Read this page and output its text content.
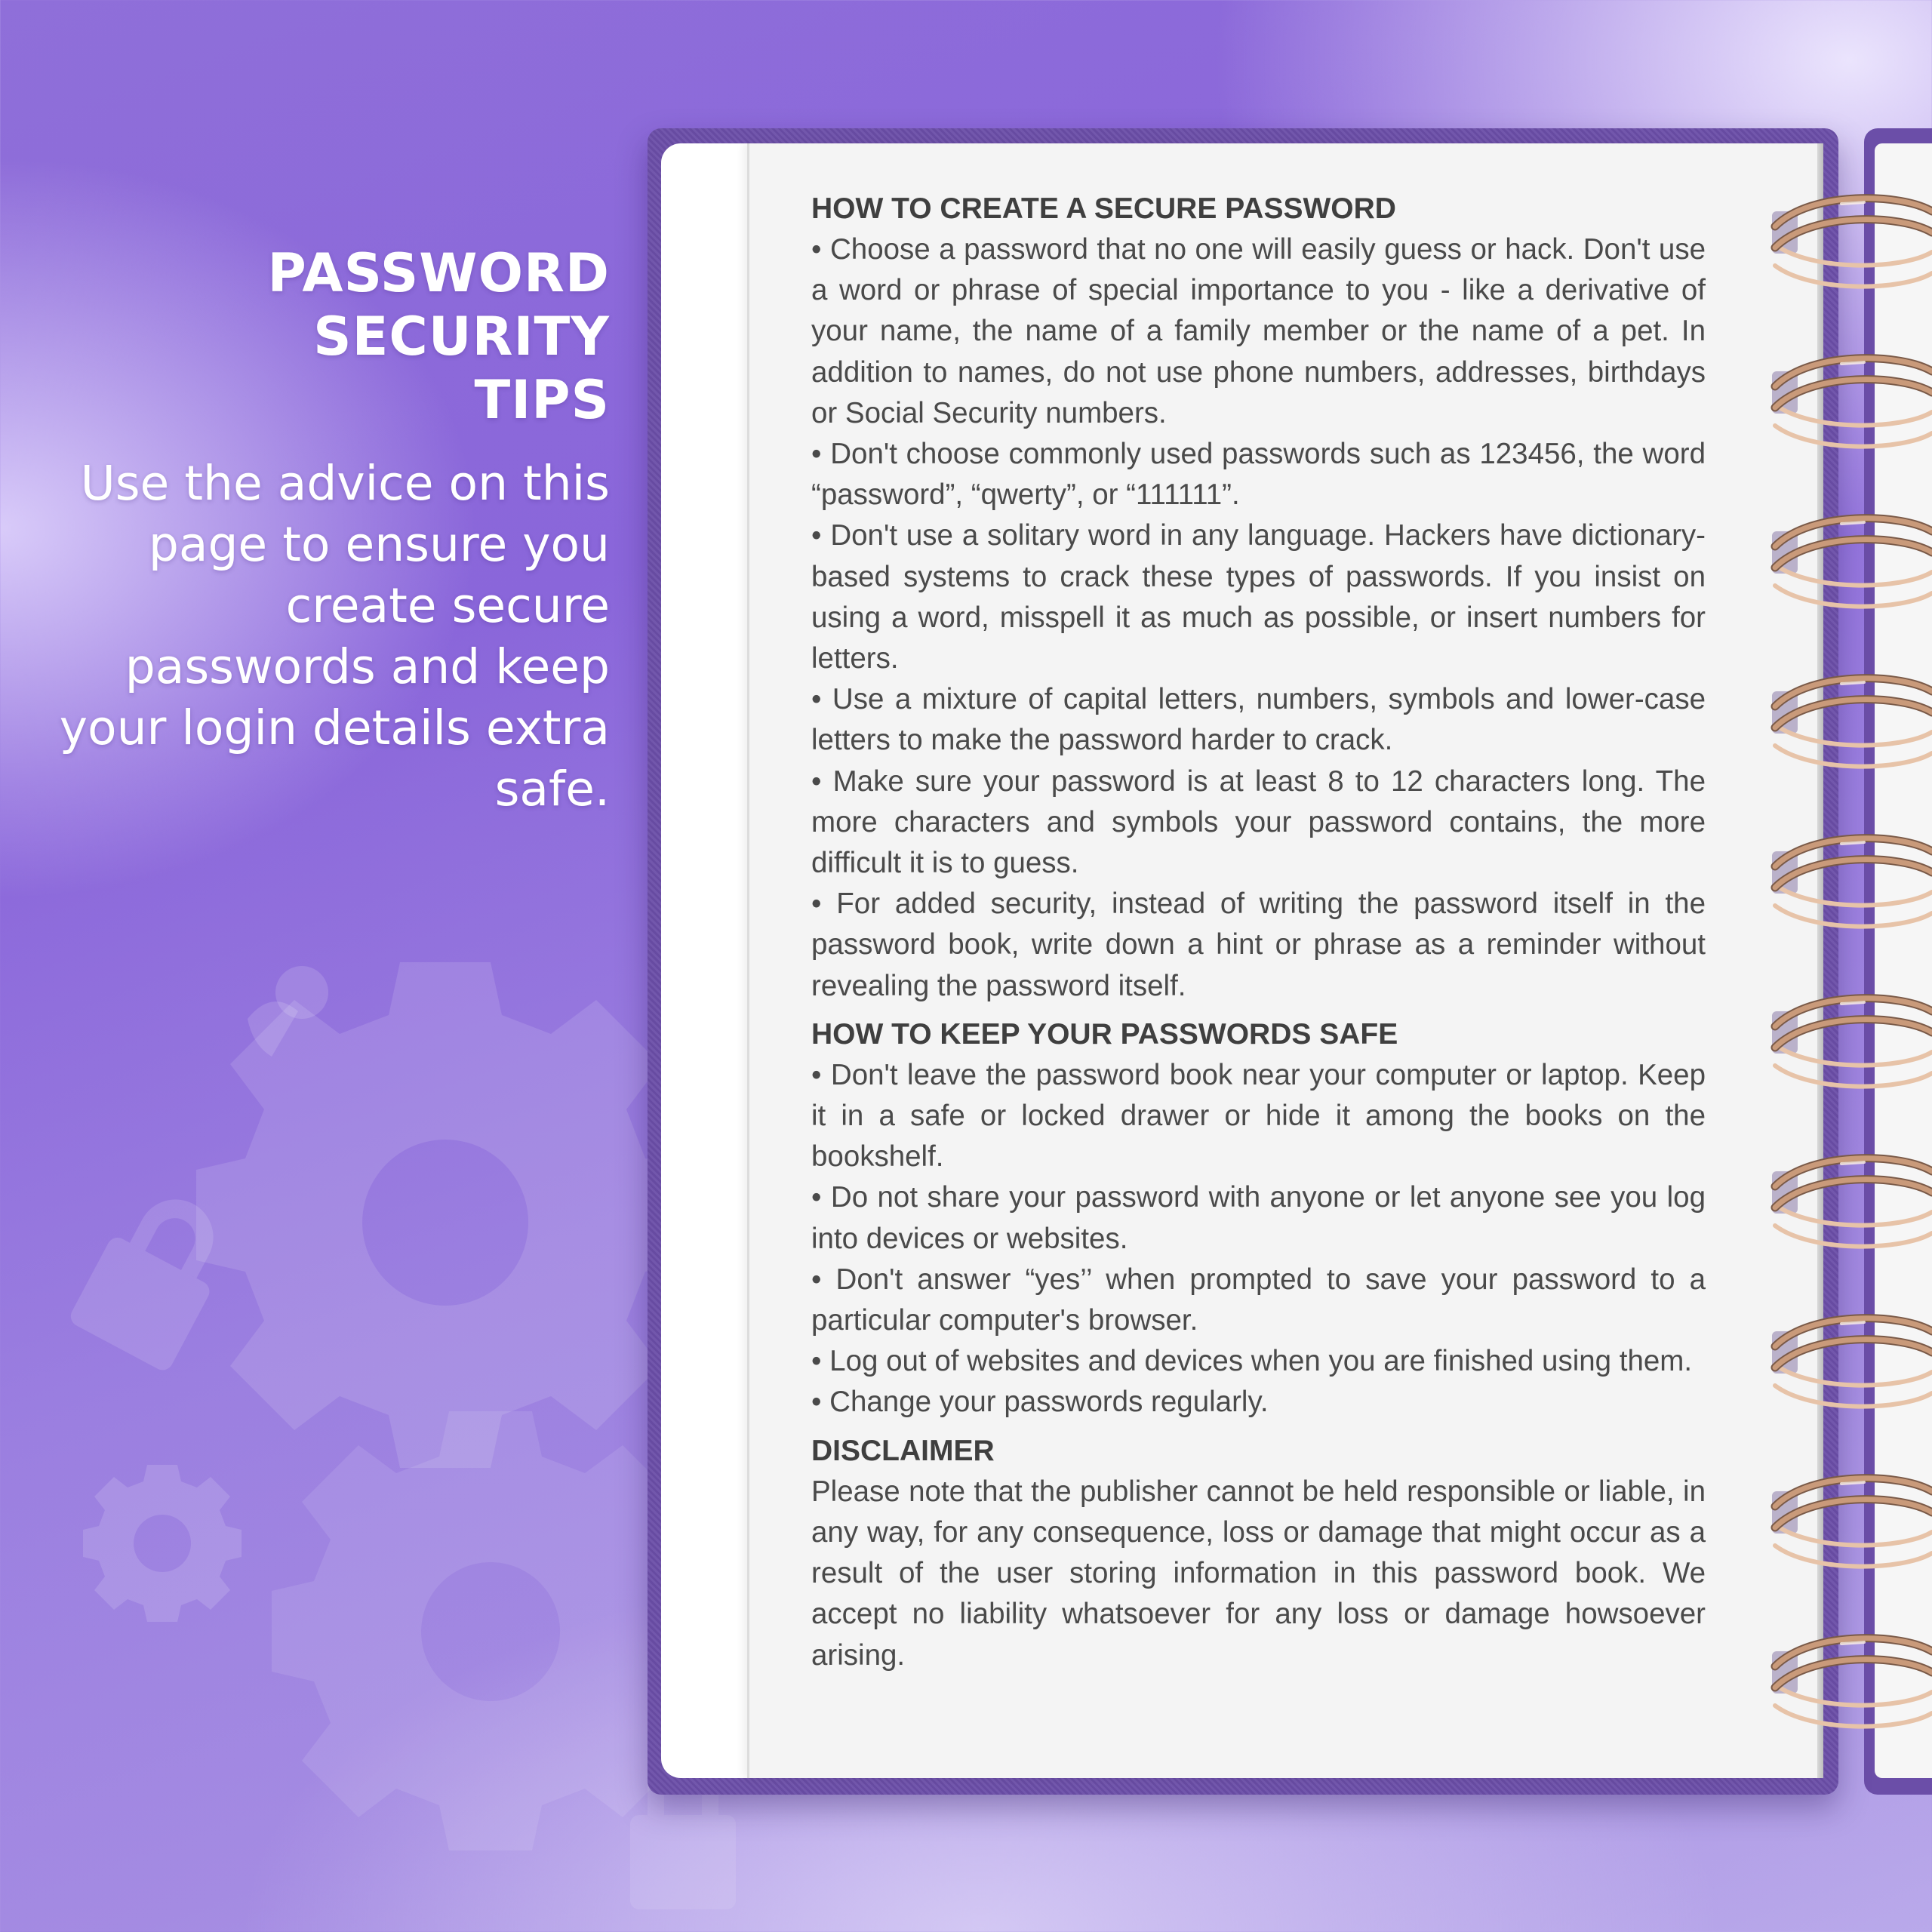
PASSWORD
SECURITY
TIPS
Use the advice on this page to ensure you create secure passwords and keep your login details extra safe.
HOW TO CREATE A SECURE PASSWORD

• Choose a password that no one will easily guess or hack. Don't use a word or phrase of special importance to you - like a derivative of your name, the name of a family member or the name of a pet. In addition to names, do not use phone numbers, addresses, birthdays or Social Security numbers.

• Don't choose commonly used passwords such as 123456, the word “password”, “qwerty”, or “111111”.

• Don't use a solitary word in any language. Hackers have dictionary-based systems to crack these types of passwords. If you insist on using a word, misspell it as much as possible, or insert numbers for letters.

• Use a mixture of capital letters, numbers, symbols and lower-case letters to make the password harder to crack.

• Make sure your password is at least 8 to 12 characters long. The more characters and symbols your password contains, the more difficult it is to guess.

• For added security, instead of writing the password itself in the password book, write down a hint or phrase as a reminder without revealing the password itself.

HOW TO KEEP YOUR PASSWORDS SAFE

• Don't leave the password book near your computer or laptop. Keep it in a safe or locked drawer or hide it among the books on the bookshelf.

• Do not share your password with anyone or let anyone see you log into devices or websites.

• Don't answer “yes’’ when prompted to save your password to a particular computer's browser.

• Log out of websites and devices when you are finished using them.

• Change your passwords regularly.

DISCLAIMER

Please note that the publisher cannot be held responsible or liable, in any way, for any consequence, loss or damage that might occur as a result of the user storing information in this password book. We accept no liability whatsoever for any loss or damage howsoever arising.
